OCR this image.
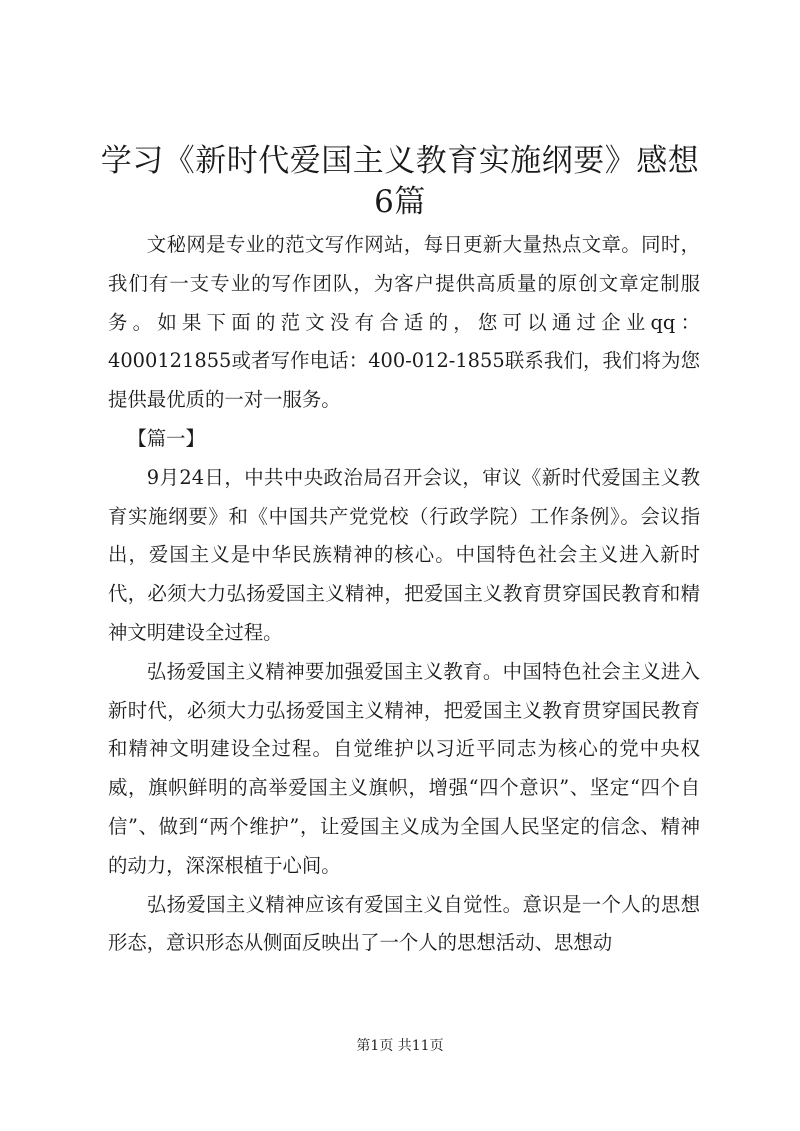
学习《新时代爱国主义教育实施纲要》感想6篇

文秘网是专业的范文写作网站，每日更新大量热点文章。同时，我们有一支专业的写作团队，为客户提供高质量的原创文章定制服务。如果下面的范文没有合适的，您可以通过企业qq：4000121855或者写作电话：400-012-1855联系我们，我们将为您提供最优质的一对一服务。

【篇一】

9月24日，中共中央政治局召开会议，审议《新时代爱国主义教育实施纲要》和《中国共产党党校（行政学院）工作条例》。会议指出，爱国主义是中华民族精神的核心。中国特色社会主义进入新时代，必须大力弘扬爱国主义精神，把爱国主义教育贯穿国民教育和精神文明建设全过程。

弘扬爱国主义精神要加强爱国主义教育。中国特色社会主义进入新时代，必须大力弘扬爱国主义精神，把爱国主义教育贯穿国民教育和精神文明建设全过程。自觉维护以习近平同志为核心的党中央权威，旗帜鲜明的高举爱国主义旗帜，增强“四个意识”、坚定“四个自信”、做到“两个维护”，让爱国主义成为全国人民坚定的信念、精神的动力，深深根植于心间。

弘扬爱国主义精神应该有爱国主义自觉性。意识是一个人的思想形态，意识形态从侧面反映出了一个人的思想活动、思想动

第1页 共11页
